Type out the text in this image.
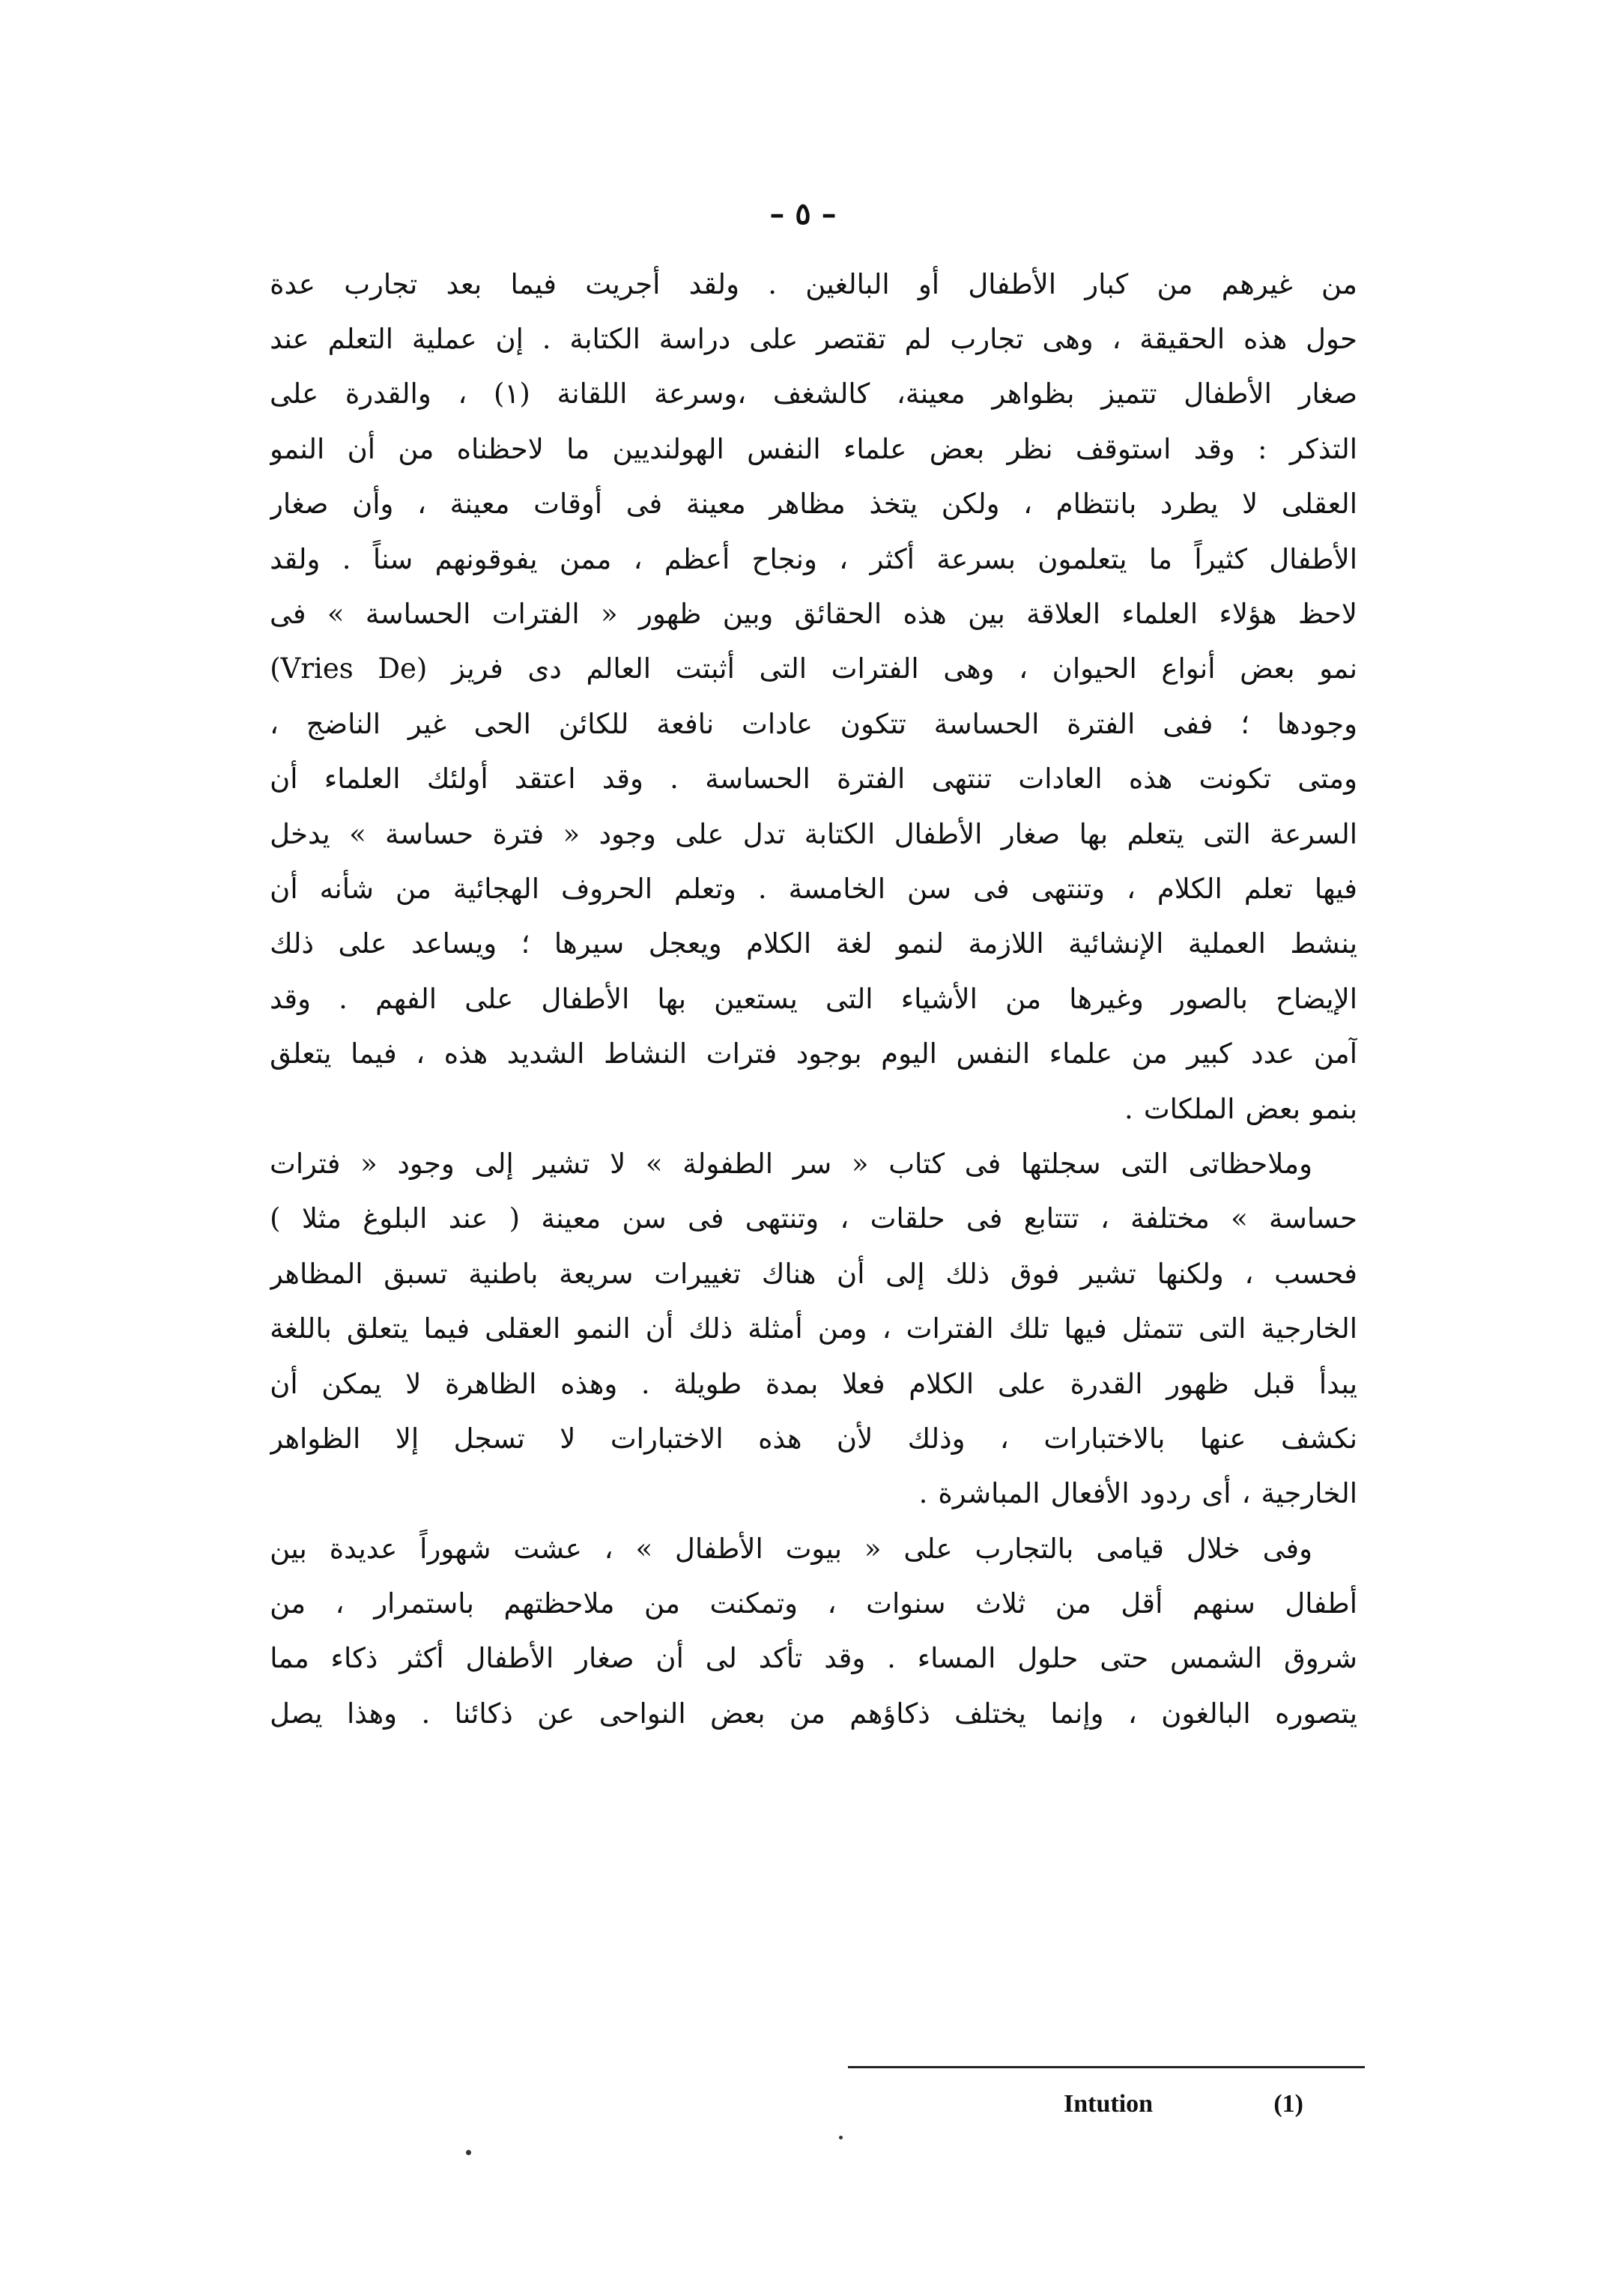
– ٥ –
من
غيرهم
من
كبار
الأطفال
أو
البالغين
.
ولقد
أجريت
فيما
بعد
تجارب
عدة
حول
هذه
الحقيقة
،
وهى
تجارب
لم
تقتصر
على
دراسة
الكتابة
.
إن
عملية
التعلم
عند
صغار
الأطفال
تتميز
بظواهر
معينة،
كالشغف
،وسرعة
اللقانة
(١)
،
والقدرة
على
التذكر
:
وقد
استوقف
نظر
بعض
علماء
النفس
الهولنديين
ما
لاحظناه
من
أن
النمو
العقلى
لا
يطرد
بانتظام
،
ولكن
يتخذ
مظاهر
معينة
فى
أوقات
معينة
،
وأن
صغار
الأطفال
كثيراً
ما
يتعلمون
بسرعة
أكثر
،
ونجاح
أعظم
،
ممن
يفوقونهم
سناً
.
ولقد
لاحظ
هؤلاء
العلماء
العلاقة
بين
هذه
الحقائق
وبين
ظهور
«
الفترات
الحساسة
»
فى
نمو
بعض
أنواع
الحيوان
،
وهى
الفترات
التى
أثبتت
العالم
دى
فريز
(De
Vries)
وجودها
؛
ففى
الفترة
الحساسة
تتكون
عادات
نافعة
للكائن
الحى
غير
الناضج
،
ومتى
تكونت
هذه
العادات
تنتهى
الفترة
الحساسة
.
وقد
اعتقد
أولئك
العلماء
أن
السرعة
التى
يتعلم
بها
صغار
الأطفال
الكتابة
تدل
على
وجود
«
فترة
حساسة
»
يدخل
فيها
تعلم
الكلام
،
وتنتهى
فى
سن
الخامسة
.
وتعلم
الحروف
الهجائية
من
شأنه
أن
ينشط
العملية
الإنشائية
اللازمة
لنمو
لغة
الكلام
ويعجل
سيرها
؛
ويساعد
على
ذلك
الإيضاح
بالصور
وغيرها
من
الأشياء
التى
يستعين
بها
الأطفال
على
الفهم
.
وقد
آمن
عدد
كبير
من
علماء
النفس
اليوم
بوجود
فترات
النشاط
الشديد
هذه
،
فيما
يتعلق
بنمو
بعض
الملكات
.
وملاحظاتى
التى
سجلتها
فى
كتاب
«
سر
الطفولة
»
لا
تشير
إلى
وجود
«
فترات
حساسة
»
مختلفة
،
تتتابع
فى
حلقات
،
وتنتهى
فى
سن
معينة
(
عند
البلوغ
مثلا
)
فحسب
،
ولكنها
تشير
فوق
ذلك
إلى
أن
هناك
تغييرات
سريعة
باطنية
تسبق
المظاهر
الخارجية
التى
تتمثل
فيها
تلك
الفترات
،
ومن
أمثلة
ذلك
أن
النمو
العقلى
فيما
يتعلق
باللغة
يبدأ
قبل
ظهور
القدرة
على
الكلام
فعلا
بمدة
طويلة
.
وهذه
الظاهرة
لا
يمكن
أن
نكشف
عنها
بالاختبارات
،
وذلك
لأن
هذه
الاختبارات
لا
تسجل
إلا
الظواهر
الخارجية
،
أى
ردود
الأفعال
المباشرة
.
وفى
خلال
قيامى
بالتجارب
على
«
بيوت
الأطفال
»
،
عشت
شهوراً
عديدة
بين
أطفال
سنهم
أقل
من
ثلاث
سنوات
،
وتمكنت
من
ملاحظتهم
باستمرار
،
من
شروق
الشمس
حتى
حلول
المساء
.
وقد
تأكد
لى
أن
صغار
الأطفال
أكثر
ذكاء
مما
يتصوره
البالغون
،
وإنما
يختلف
ذكاؤهم
من
بعض
النواحى
عن
ذكائنا
.
وهذا
يصل
Intution	(1)
